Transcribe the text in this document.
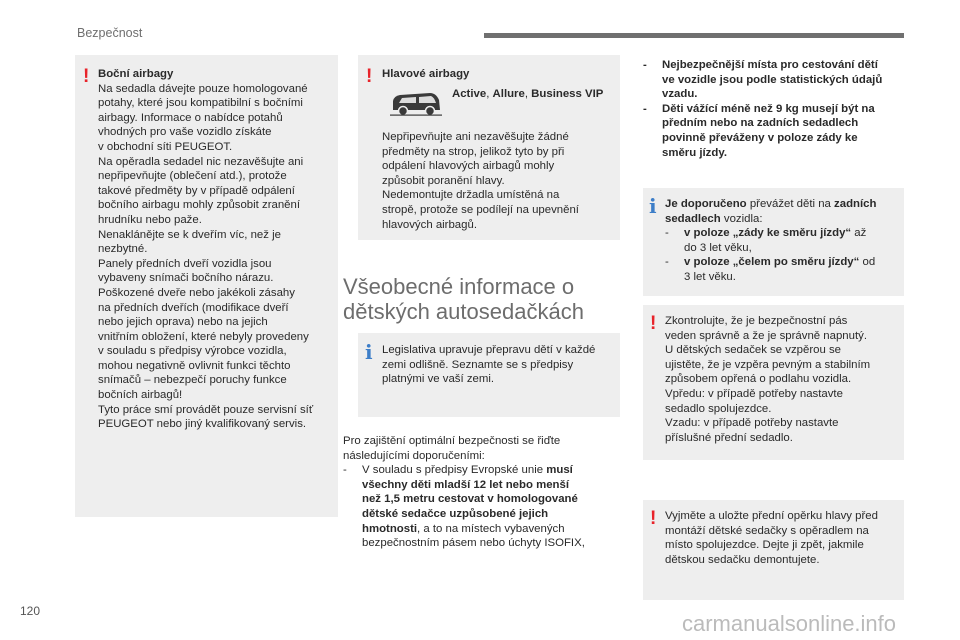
Bezpečnost
! Boční airbagy

Na sedadla dávejte pouze homologované

potahy, které jsou kompatibilní s bočními

airbagy. Informace o nabídce potahů

vhodných pro vaše vozidlo získáte

v obchodní síti PEUGEOT.

Na opěradla sedadel nic nezavěšujte ani

nepřipevňujte (oblečení atd.), protože

takové předměty by v případě odpálení

bočního airbagu mohly způsobit zranění

hrudníku nebo paže.

Nenaklánějte se k dveřím víc, než je

nezbytné.

Panely předních dveří vozidla jsou

vybaveny snímači bočního nárazu.

Poškozené dveře nebo jakékoli zásahy

na předních dveřích (modifikace dveří

nebo jejich oprava) nebo na jejich

vnitřním obložení, které nebyly provedeny

v souladu s předpisy výrobce vozidla,

mohou negativně ovlivnit funkci těchto

snímačů – nebezpečí poruchy funkce

bočních airbagů!

Tyto práce smí provádět pouze servisní síť

PEUGEOT nebo jiný kvalifikovaný servis.

! Hlavové airbagy
Active, Allure, Business VIP

Nepřipevňujte ani nezavěšujte žádné

předměty na strop, jelikož tyto by při

odpálení hlavových airbagů mohly

způsobit poranění hlavy.

Nedemontujte držadla umístěná na

stropě, protože se podílejí na upevnění

hlavových airbagů.

Všeobecné informace o
dětských autosedačkách
i Legislativa upravuje přepravu dětí v každé

zemi odlišně. Seznamte se s předpisy

platnými ve vaší zemi.

Pro zajištění optimální bezpečnosti se řiďte

následujícími doporučeními:

-	V souladu s předpisy Evropské unie musí
všechny děti mladší 12 let nebo menší
než 1,5 metru cestovat v homologované
dětské sedačce uzpůsobené jejich
hmotnosti, a to na místech vybavených
bezpečnostním pásem nebo úchyty ISOFIX,
-	Nejbezpečnější místa pro cestování dětí
ve vozidle jsou podle statistických údajů
vzadu.
-	Děti vážící méně než 9 kg musejí být na
předním nebo na zadních sedadlech
povinně převáženy v poloze zády ke
směru jízdy.
i Je doporučeno převážet děti na zadních

sedadlech vozidla:

-	v poloze „zády ke směru jízdy“ až
do 3 let věku,
-	v poloze „čelem po směru jízdy“ od
3 let věku.
! Zkontrolujte, že je bezpečnostní pás

veden správně a že je správně napnutý.

U dětských sedaček se vzpěrou se

ujistěte, že je vzpěra pevným a stabilním

způsobem opřená o podlahu vozidla.

Vpředu: v případě potřeby nastavte

sedadlo spolujezdce.

Vzadu: v případě potřeby nastavte

příslušné přední sedadlo.

! Vyjměte a uložte přední opěrku hlavy před

montáží dětské sedačky s opěradlem na

místo spolujezdce. Dejte ji zpět, jakmile

dětskou sedačku demontujete.

120	carmanualsonline.info
